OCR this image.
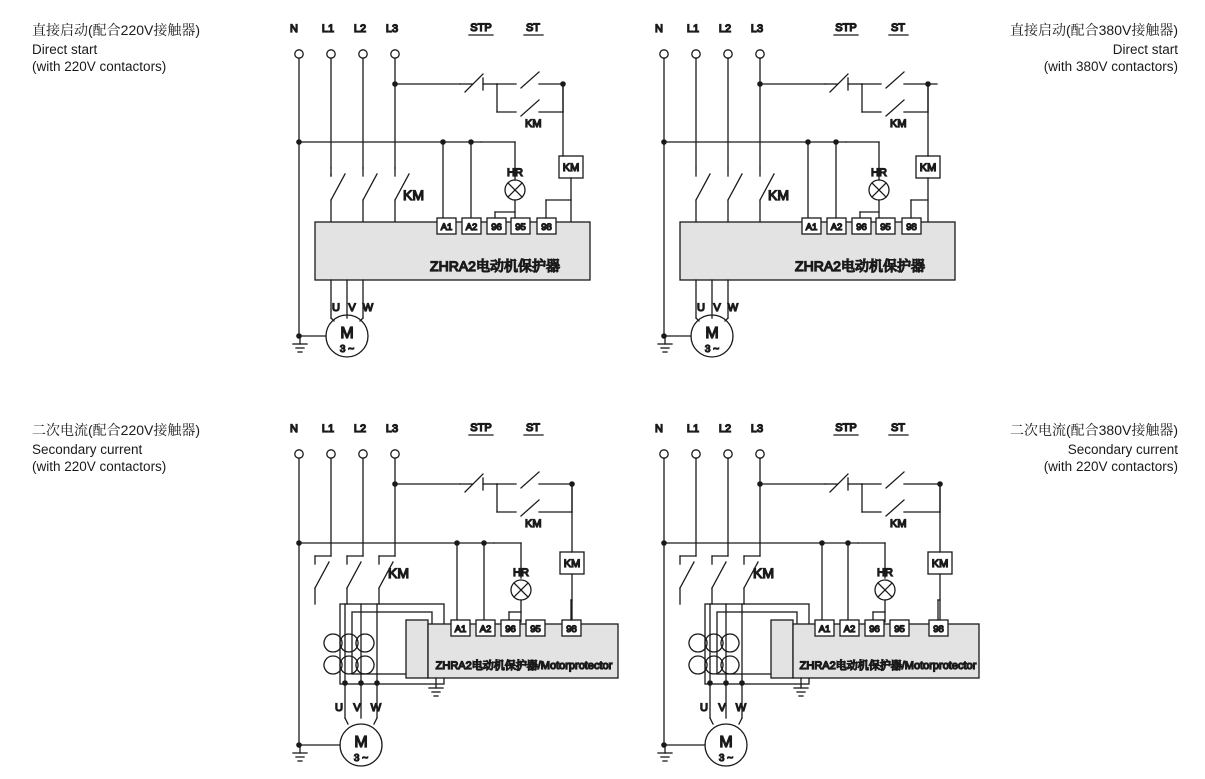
直接启动(配合220V接触器)
Direct start
(with 220V contactors)
直接启动(配合380V接触器)
Direct start
(with 380V contactors)
二次电流(配合220V接触器)
Secondary current
(with 220V contactors)
二次电流(配合380V接触器)
Secondary current
(with 220V contactors)
N L1 L2 L3	STP	ST
KM
KM
HR
KM
A1 A2 96 95 98
ZHRA2电动机保护器
U V W
M
3 ~
N L1 L2 L3	STP	ST
KM
KM
HR
KM
A1 A2 96 95 98
ZHRA2电动机保护器
U V W
M
3 ~
N L1 L2 L3	STP	ST
KM
KM
HR
KM
A1 A2 96 95	98
ZHRA2电动机保护器/Motorprotector
U V W
M
3 ~
N L1 L2 L3	STP	ST
KM
KM
HR
KM
A1 A2 96 95	98
ZHRA2电动机保护器/Motorprotector
U V W
M
3 ~
